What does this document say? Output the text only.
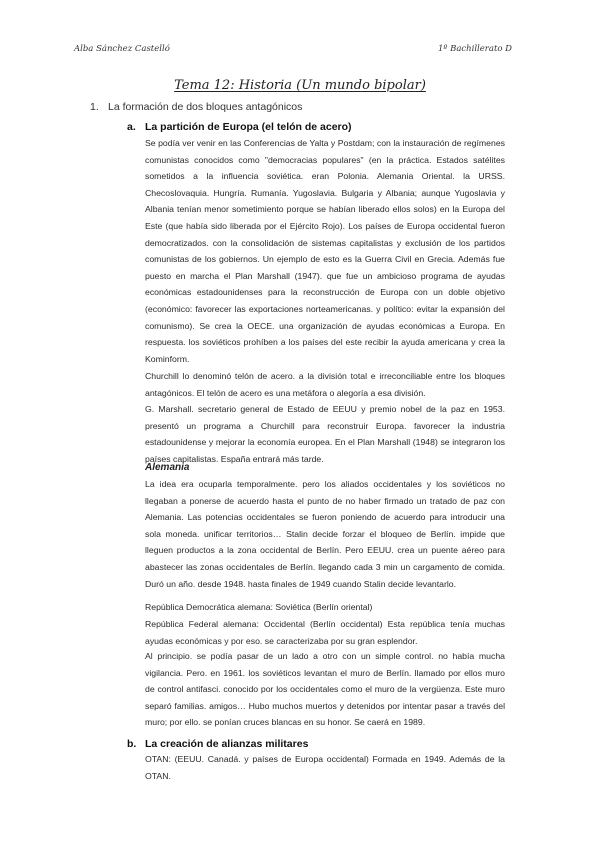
Alba Sánchez Castelló	1º Bachillerato D
Tema 12: Historia (Un mundo bipolar)
1. La formación de dos bloques antagónicos
a. La partición de Europa (el telón de acero)

Se podía ver venir en las Conferencias de Yalta y Postdam; con la instauración de regímenes comunistas conocidos como "democracias populares" (en la práctica. Estados satélites sometidos a la influencia soviética. eran Polonia. Alemania Oriental. la URSS. Checoslovaquia. Hungría. Rumanía. Yugoslavia. Bulgaria y Albania; aunque Yugoslavia y Albania tenían menor sometimiento porque se habían liberado ellos solos) en la Europa del Este (que había sido liberada por el Ejército Rojo). Los países de Europa occidental fueron democratizados. con la consolidación de sistemas capitalistas y exclusión de los partidos comunistas de los gobiernos. Un ejemplo de esto es la Guerra Civil en Grecia. Además fue puesto en marcha el Plan Marshall (1947). que fue un ambicioso programa de ayudas económicas estadounidenses para la reconstrucción de Europa con un doble objetivo (económico: favorecer las exportaciones norteamericanas. y político: evitar la expansión del comunismo). Se crea la OECE. una organización de ayudas económicas a Europa. En respuesta. los soviéticos prohíben a los países del este recibir la ayuda americana y crea la Kominform.

Churchill lo denominó telón de acero. a la división total e irreconciliable entre los bloques antagónicos. El telón de acero es una metáfora o alegoría a esa división.

G. Marshall. secretario general de Estado de EEUU y premio nobel de la paz en 1953. presentó un programa a Churchill para reconstruir Europa. favorecer la industria estadounidense y mejorar la economía europea. En el Plan Marshall (1948) se integraron los países capitalistas. España entrará más tarde.

Alemania

La idea era ocuparla temporalmente. pero los aliados occidentales y los soviéticos no llegaban a ponerse de acuerdo hasta el punto de no haber firmado un tratado de paz con Alemania. Las potencias occidentales se fueron poniendo de acuerdo para introducir una sola moneda. unificar territorios… Stalin decide forzar el bloqueo de Berlín. impide que lleguen productos a la zona occidental de Berlín. Pero EEUU. crea un puente aéreo para abastecer las zonas occidentales de Berlín. llegando cada 3 min un cargamento de comida. Duró un año. desde 1948. hasta finales de 1949 cuando Stalin decide levantarlo.

República Democrática alemana: Soviética (Berlín oriental)

República Federal alemana: Occidental (Berlín occidental) Esta república tenía muchas ayudas económicas y por eso. se caracterizaba por su gran esplendor.

Al principio. se podía pasar de un lado a otro con un simple control. no había mucha vigilancia. Pero. en 1961. los soviéticos levantan el muro de Berlín. llamado por ellos muro de control antifasci. conocido por los occidentales como el muro de la vergüenza. Este muro separó familias. amigos… Hubo muchos muertos y detenidos por intentar pasar a través del muro; por ello. se ponían cruces blancas en su honor. Se caerá en 1989.

b. La creación de alianzas militares

OTAN: (EEUU. Canadá. y países de Europa occidental) Formada en 1949. Además de la OTAN.
